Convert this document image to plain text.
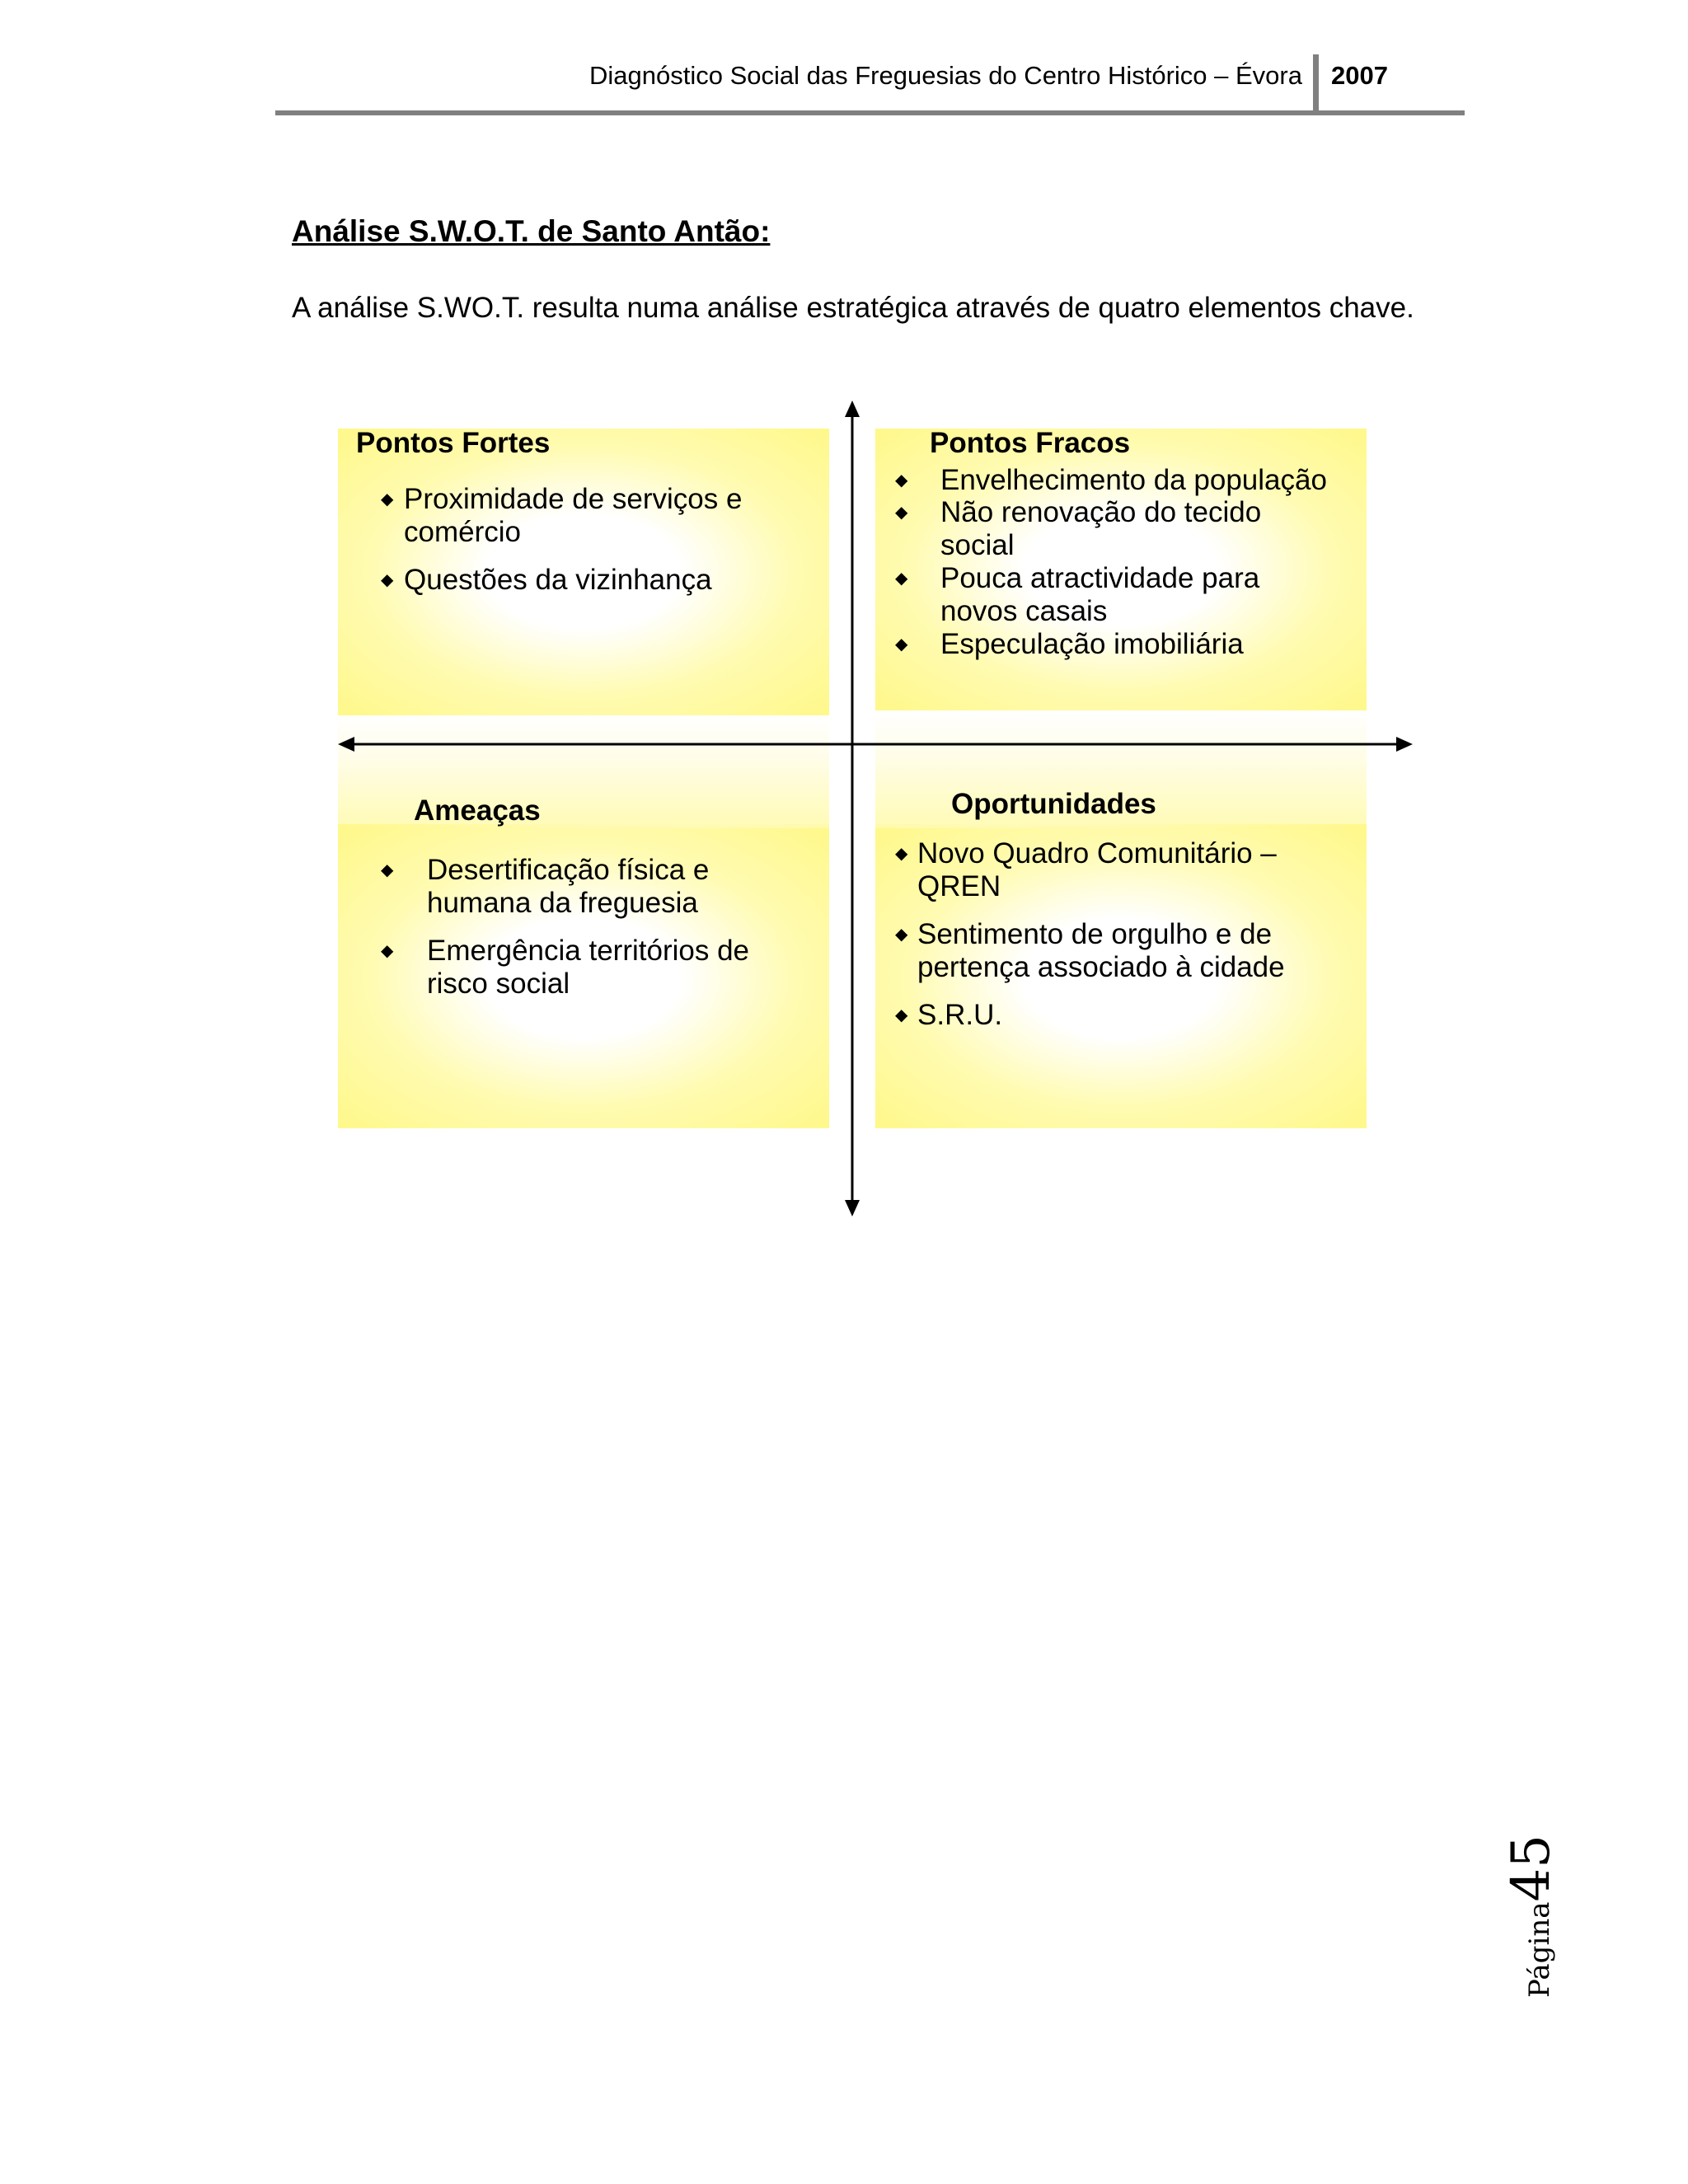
Diagnóstico Social das Freguesias do Centro Histórico – Évora 2007
Análise S.W.O.T. de Santo Antão:
A análise S.WO.T. resulta numa análise estratégica através de quatro elementos chave.
Pontos Fortes
◆ Proximidade de serviços e comércio
◆ Questões da vizinhança
Pontos Fracos
◆ Envelhecimento da população
◆ Não renovação do tecido social
◆ Pouca atractividade para novos casais
◆ Especulação imobiliária
Ameaças
◆ Desertificação física e humana da freguesia
◆ Emergência territórios de risco social
Oportunidades
◆ Novo Quadro Comunitário – QREN
◆ Sentimento de orgulho e de pertença associado à cidade
◆ S.R.U.
Página45
